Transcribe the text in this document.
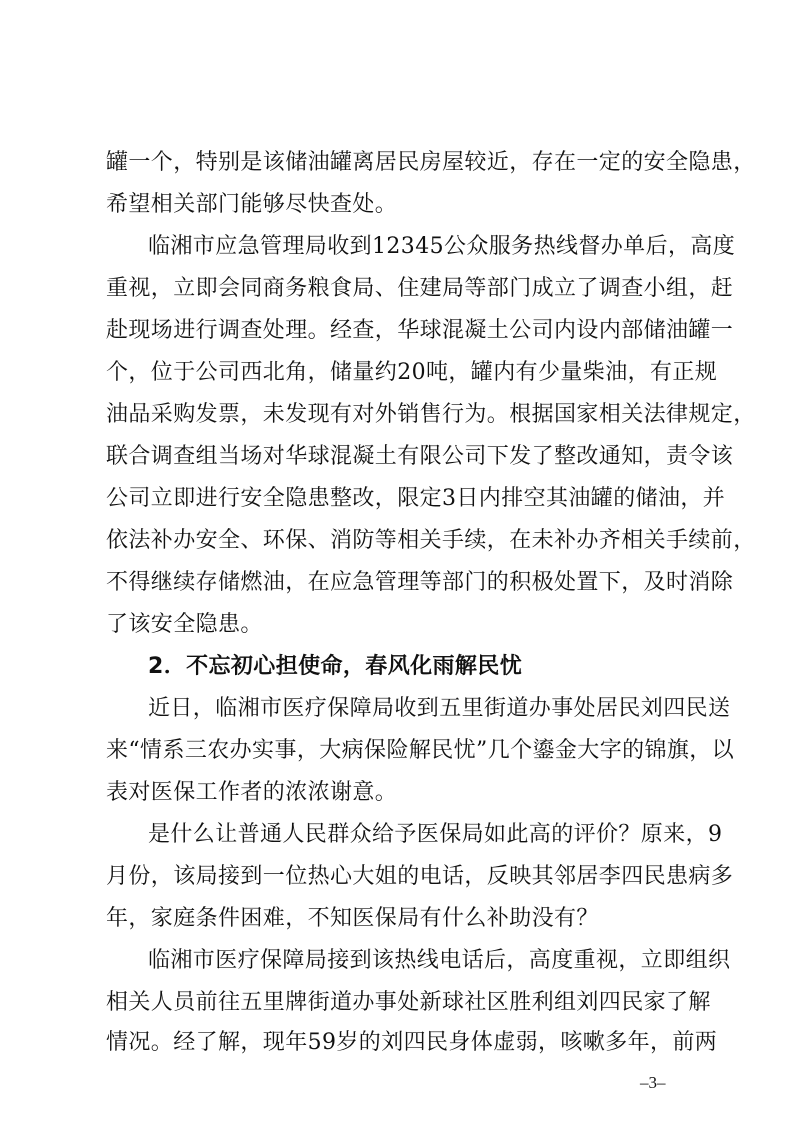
罐一个，特别是该储油罐离居民房屋较近，存在一定的安全隐患，
希望相关部门能够尽快查处。
临湘市应急管理局收到12345公众服务热线督办单后，高度
重视，立即会同商务粮食局、住建局等部门成立了调查小组，赶
赴现场进行调查处理。经查，华球混凝土公司内设内部储油罐一
个，位于公司西北角，储量约20吨，罐内有少量柴油，有正规
油品采购发票，未发现有对外销售行为。根据国家相关法律规定，
联合调查组当场对华球混凝土有限公司下发了整改通知，责令该
公司立即进行安全隐患整改，限定3日内排空其油罐的储油，并
依法补办安全、环保、消防等相关手续，在未补办齐相关手续前，
不得继续存储燃油，在应急管理等部门的积极处置下，及时消除
了该安全隐患。
2．不忘初心担使命，春风化雨解民忧
近日，临湘市医疗保障局收到五里街道办事处居民刘四民送
来“情系三农办实事，大病保险解民忧”几个鎏金大字的锦旗，以
表对医保工作者的浓浓谢意。
是什么让普通人民群众给予医保局如此高的评价？原来，9
月份，该局接到一位热心大姐的电话，反映其邻居李四民患病多
年，家庭条件困难，不知医保局有什么补助没有？
临湘市医疗保障局接到该热线电话后，高度重视，立即组织
相关人员前往五里牌街道办事处新球社区胜利组刘四民家了解
情况。经了解，现年59岁的刘四民身体虚弱，咳嗽多年，前两
–3–
